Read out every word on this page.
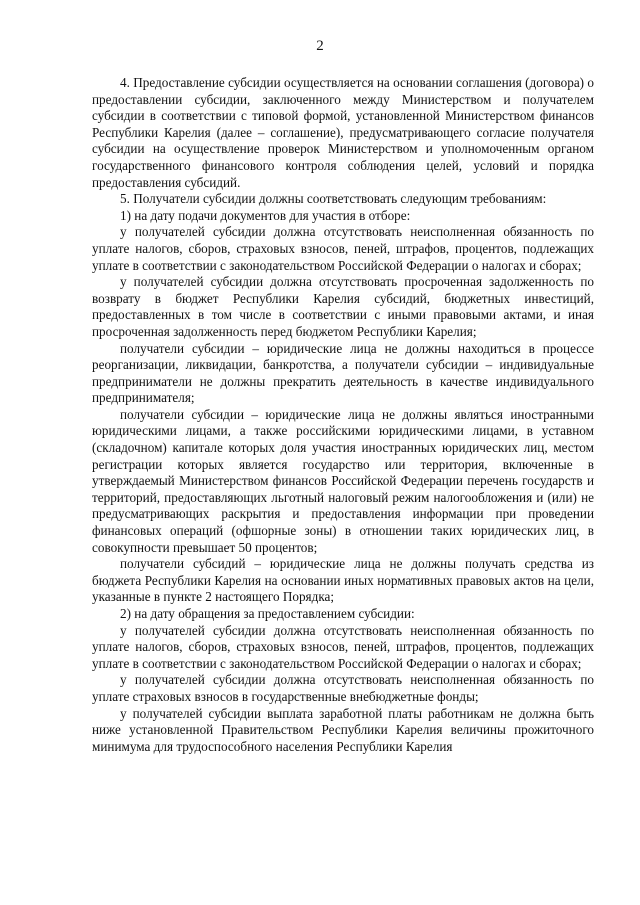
2

4. Предоставление субсидии осуществляется на основании соглашения (договора) о предоставлении субсидии, заключенного между Министерством и получателем субсидии в соответствии с типовой формой, установленной Министерством финансов Республики Карелия (далее – соглашение), предусматривающего согласие получателя субсидии на осуществление проверок Министерством и уполномоченным органом государственного финансового контроля соблюдения целей, условий и порядка предоставления субсидий.

5. Получатели субсидии должны соответствовать следующим требованиям:

1) на дату подачи документов для участия в отборе:

у получателей субсидии должна отсутствовать неисполненная обязанность по уплате налогов, сборов, страховых взносов, пеней, штрафов, процентов, подлежащих уплате в соответствии с законодательством Российской Федерации о налогах и сборах;

у получателей субсидии должна отсутствовать просроченная задолженность по возврату в бюджет Республики Карелия субсидий, бюджетных инвестиций, предоставленных в том числе в соответствии с иными правовыми актами, и иная просроченная задолженность перед бюджетом Республики Карелия;

получатели субсидии – юридические лица не должны находиться в процессе реорганизации, ликвидации, банкротства, а получатели субсидии – индивидуальные предприниматели не должны прекратить деятельность в качестве индивидуального предпринимателя;

получатели субсидии – юридические лица не должны являться иностранными юридическими лицами, а также российскими юридическими лицами, в уставном (складочном) капитале которых доля участия иностранных юридических лиц, местом регистрации которых является государство или территория, включенные в утверждаемый Министерством финансов Российской Федерации перечень государств и территорий, предоставляющих льготный налоговый режим налогообложения и (или) не предусматривающих раскрытия и предоставления информации при проведении финансовых операций (офшорные зоны) в отношении таких юридических лиц, в совокупности превышает 50 процентов;

получатели субсидий – юридические лица не должны получать средства из бюджета Республики Карелия на основании иных нормативных правовых актов на цели, указанные в пункте 2 настоящего Порядка;

2) на дату обращения за предоставлением субсидии:

у получателей субсидии должна отсутствовать неисполненная обязанность по уплате налогов, сборов, страховых взносов, пеней, штрафов, процентов, подлежащих уплате в соответствии с законодательством Российской Федерации о налогах и сборах;

у получателей субсидии должна отсутствовать неисполненная обязанность по уплате страховых взносов в государственные внебюджетные фонды;

у получателей субсидии выплата заработной платы работникам не должна быть ниже установленной Правительством Республики Карелия величины прожиточного минимума для трудоспособного населения Республики Карелия
